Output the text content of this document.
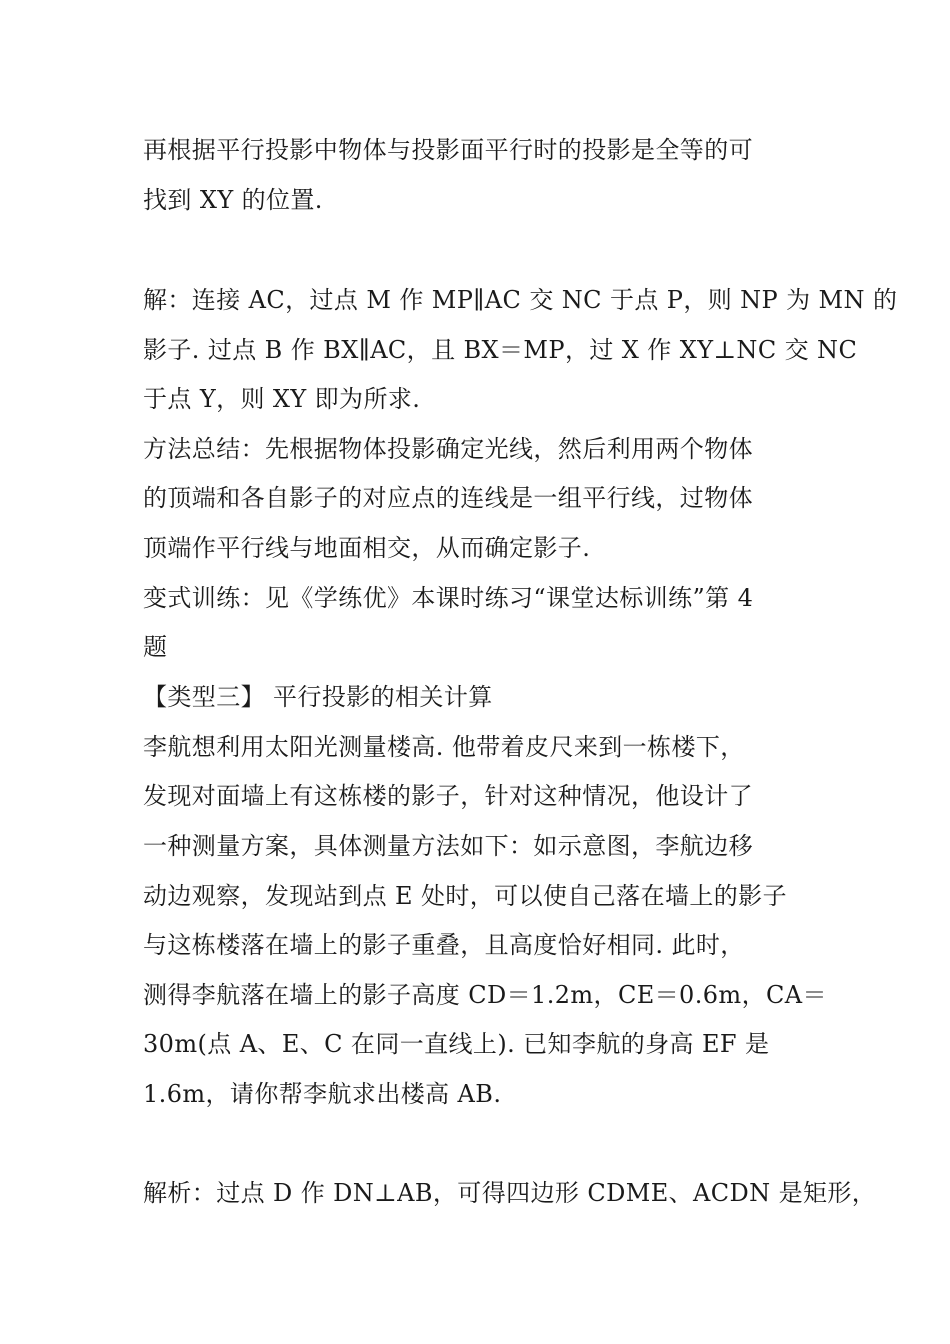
再根据平行投影中物体与投影面平行时的投影是全等的可
找到 XY 的位置.
解：连接 AC，过点 M 作 MP∥AC 交 NC 于点 P，则 NP 为 MN 的
影子. 过点 B 作 BX∥AC，且 BX＝MP，过 X 作 XY⊥NC 交 NC
于点 Y，则 XY 即为所求.
方法总结：先根据物体投影确定光线，然后利用两个物体
的顶端和各自影子的对应点的连线是一组平行线，过物体
顶端作平行线与地面相交，从而确定影子.
变式训练：见《学练优》本课时练习“课堂达标训练”第 4
题
【类型三】 平行投影的相关计算
李航想利用太阳光测量楼高. 他带着皮尺来到一栋楼下，
发现对面墙上有这栋楼的影子，针对这种情况，他设计了
一种测量方案，具体测量方法如下：如示意图，李航边移
动边观察，发现站到点 E 处时，可以使自己落在墙上的影子
与这栋楼落在墙上的影子重叠，且高度恰好相同. 此时，
测得李航落在墙上的影子高度 CD＝1.2m，CE＝0.6m，CA＝
30m(点 A、E、C 在同一直线上). 已知李航的身高 EF 是
1.6m，请你帮李航求出楼高 AB.
解析：过点 D 作 DN⊥AB，可得四边形 CDME、ACDN 是矩形，
